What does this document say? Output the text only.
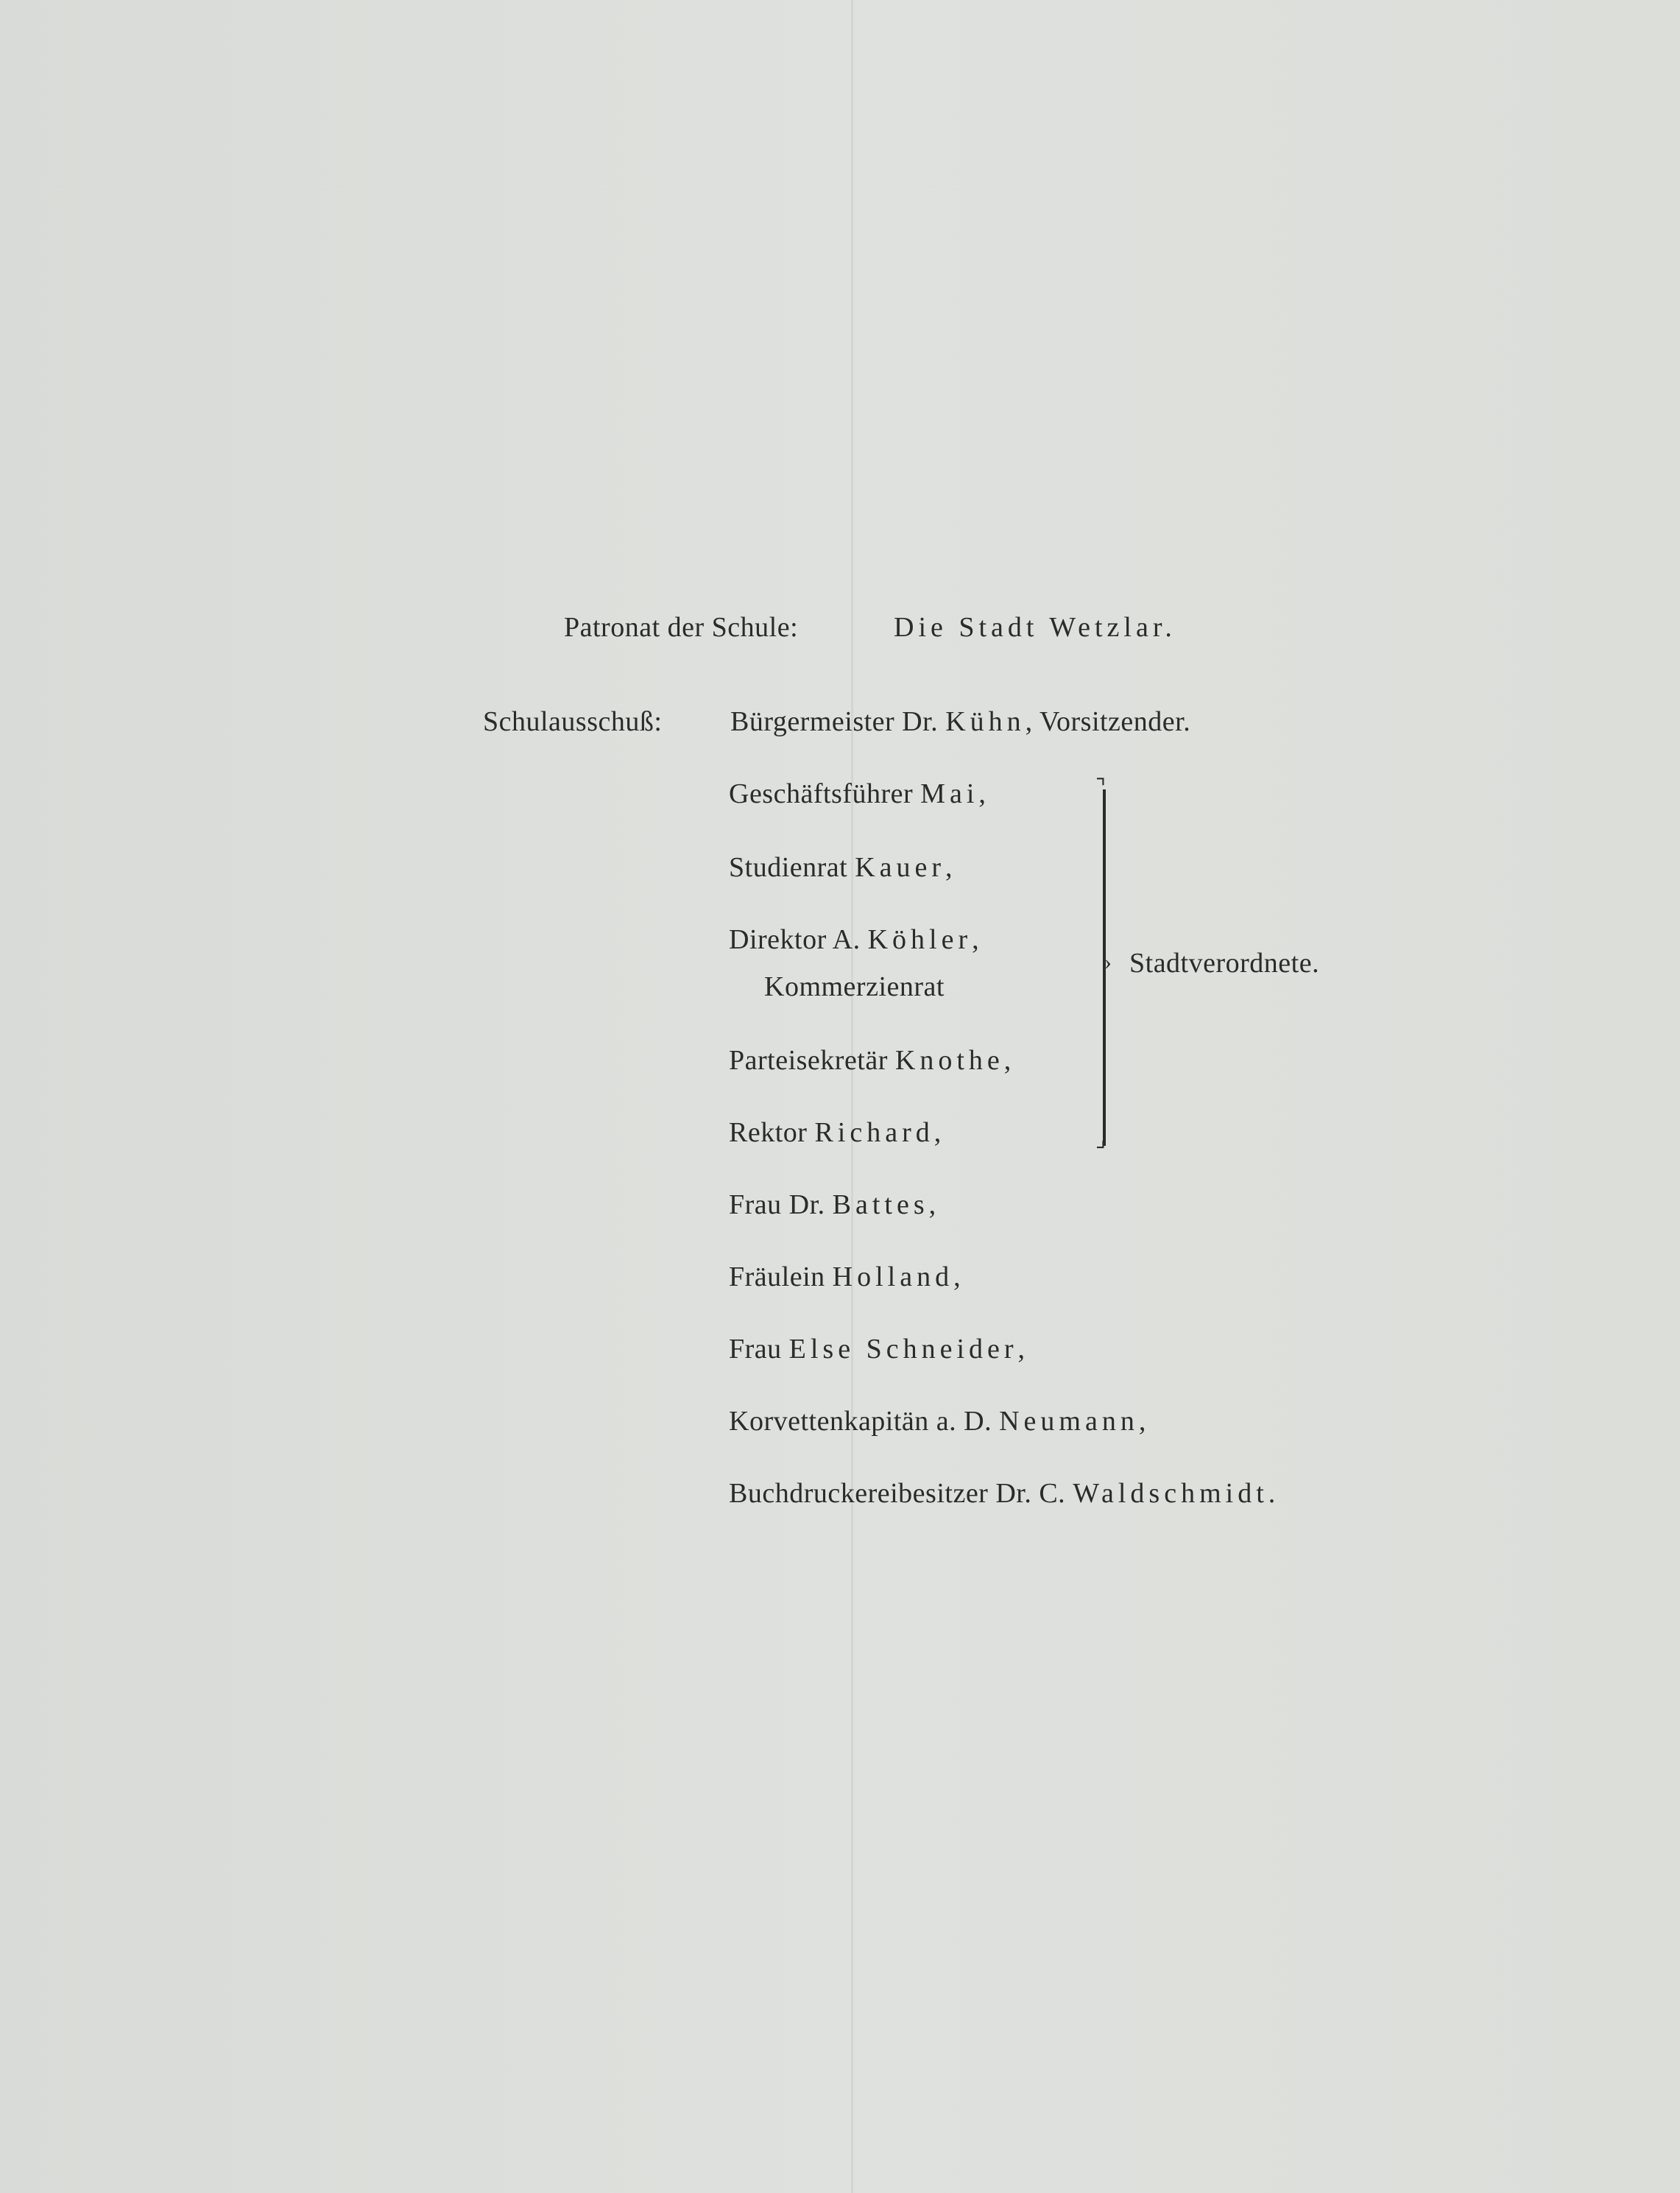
Patronat der Schule:	Die Stadt Wetzlar.
Schulausschuß: Bürgermeister Dr. Kühn, Vorsitzender.
Geschäftsführer Mai,
Studienrat Kauer,
Direktor A. Köhler,
Kommerzienrat
Parteisekretär Knothe,
Rektor Richard,
Frau Dr. Battes,
Fräulein Holland,
Frau Else Schneider,
Korvettenkapitän a. D. Neumann,
Buchdruckereibesitzer Dr. C. Waldschmidt.
⌝
›
⌟
Stadtverordnete.
